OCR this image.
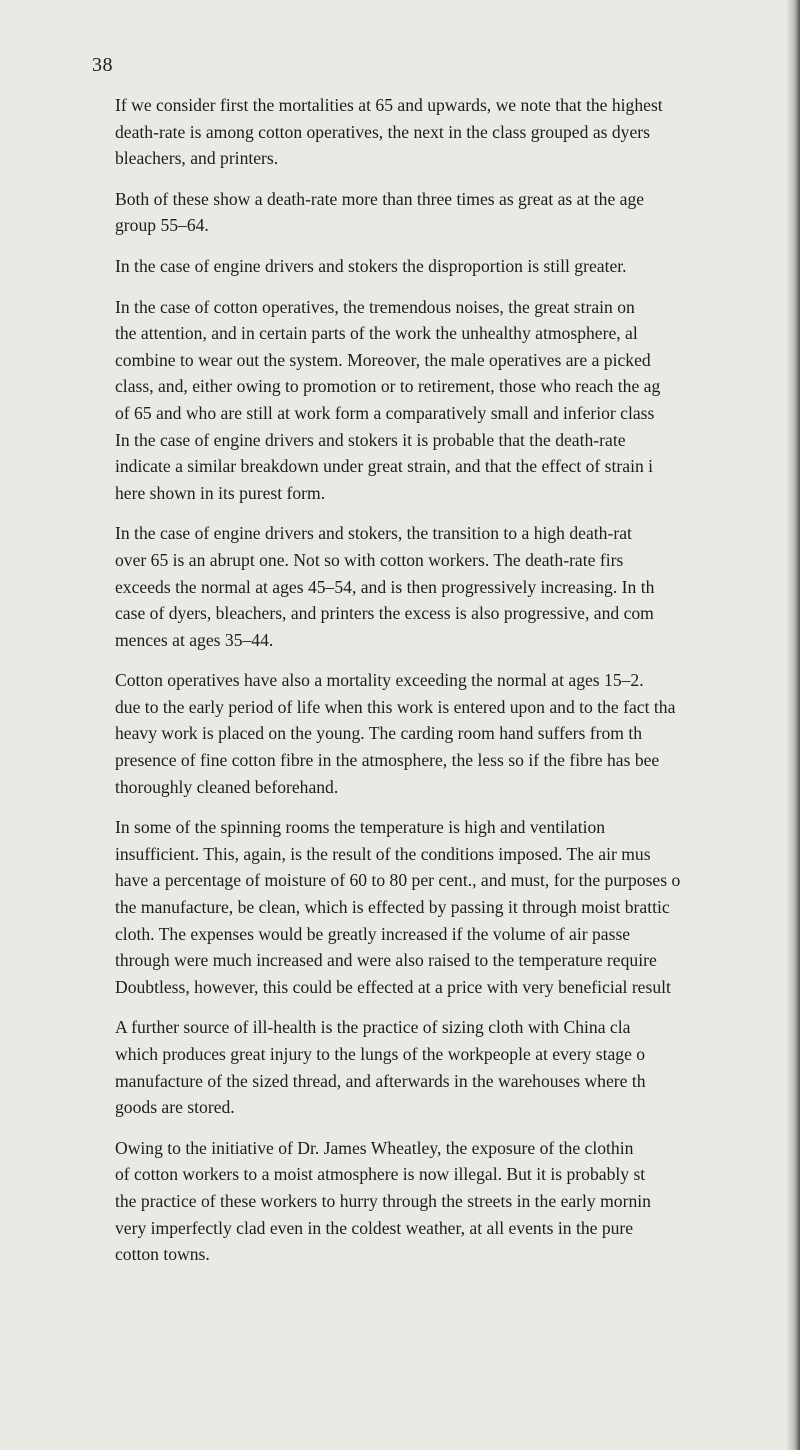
38

If we consider first the mortalities at 65 and upwards, we note that the highest
death-rate is among cotton operatives, the next in the class grouped as dyers
bleachers, and printers.

Both of these show a death-rate more than three times as great as at the age
group 55–64.

In the case of engine drivers and stokers the disproportion is still greater.

In the case of cotton operatives, the tremendous noises, the great strain on
the attention, and in certain parts of the work the unhealthy atmosphere, al
combine to wear out the system. Moreover, the male operatives are a picked
class, and, either owing to promotion or to retirement, those who reach the ag
of 65 and who are still at work form a comparatively small and inferior class
In the case of engine drivers and stokers it is probable that the death-rate
indicate a similar breakdown under great strain, and that the effect of strain i
here shown in its purest form.

In the case of engine drivers and stokers, the transition to a high death-rat
over 65 is an abrupt one. Not so with cotton workers. The death-rate firs
exceeds the normal at ages 45–54, and is then progressively increasing. In th
case of dyers, bleachers, and printers the excess is also progressive, and com
mences at ages 35–44.

Cotton operatives have also a mortality exceeding the normal at ages 15–2.
due to the early period of life when this work is entered upon and to the fact tha
heavy work is placed on the young. The carding room hand suffers from th
presence of fine cotton fibre in the atmosphere, the less so if the fibre has bee
thoroughly cleaned beforehand.

In some of the spinning rooms the temperature is high and ventilation
insufficient. This, again, is the result of the conditions imposed. The air mus
have a percentage of moisture of 60 to 80 per cent., and must, for the purposes o
the manufacture, be clean, which is effected by passing it through moist brattic
cloth. The expenses would be greatly increased if the volume of air passe
through were much increased and were also raised to the temperature require
Doubtless, however, this could be effected at a price with very beneficial result

A further source of ill-health is the practice of sizing cloth with China cla
which produces great injury to the lungs of the workpeople at every stage o
manufacture of the sized thread, and afterwards in the warehouses where th
goods are stored.

Owing to the initiative of Dr. James Wheatley, the exposure of the clothin
of cotton workers to a moist atmosphere is now illegal. But it is probably st
the practice of these workers to hurry through the streets in the early mornin
very imperfectly clad even in the coldest weather, at all events in the pure
cotton towns.
